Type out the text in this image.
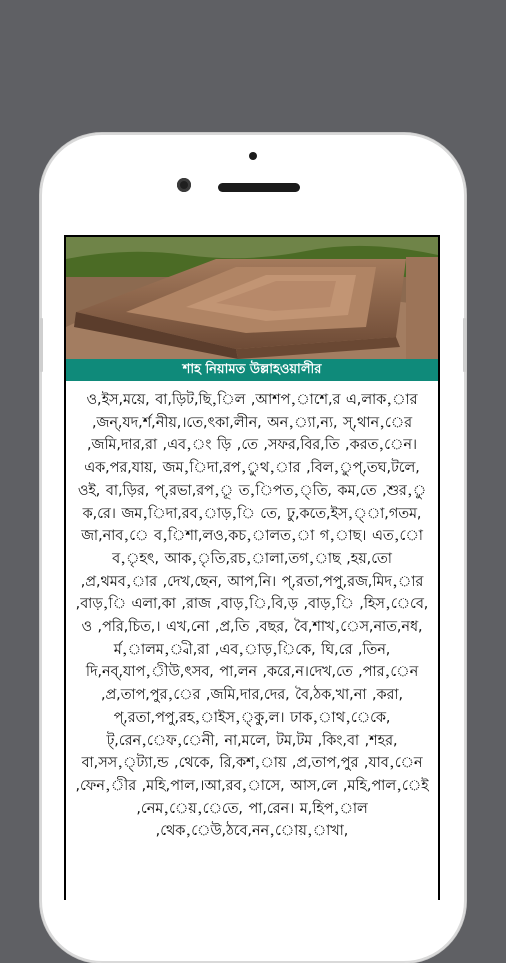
শাহ নিয়ামত উল্লাহওয়ালীর

ও,ইস,ময়ে, বা,ড়িট,ছি,িল ,আশপ,াশে,র এ,লাক,ার ,জন্,যদ,র্শ,নীয়,।তে,ৎকা,লীন, অন,্যা,ন্য, স্,থান,ের ,জমি,দার,রা ,এব,ং ড়ি ,তে ,সফর,বির,তি ,করত,েন।এক,পর,যায়, জম,িদা,রপ,ুথ,ার ,বিল,ুপ্,তঘ,টলে, ওই, বা,ড়ির, প্,রভা,রপ,ূ ত,িপত,্তি, কম,তে ,শুর,ু ক,রে। জম,িদা,রব,াড়,ি তে, ঢু,কতে,ইস,্া,গতম, জা,নাব,ে ব,িশা,লও,কচ,ালত,া গ,াছ। এত,ো ব,ৃহৎ, আক,ৃতি,রচ,ালা,তগ,াছ ,হয়,তো ,প্র,থমব,ার ,দেখ,ছেন, আপ,নি। প্,রতা,পপু,রজ,মিদ,ার ,বাড়,ি এলা,কা ,রাজ ,বাড়,ি,বি,ড় ,বাড়,ি ,হিস,েবে, ও ,পরি,চিত,। এখ,নো ,প্র,তি ,বছর, বৈ,শাখ,েস,নাত,নধ, র্ম,ালম,্বী,রা ,এব,াড়,িকে, ঘি,রে ,তিন, দি,নব্,যাপ,ীউ,ৎসব, পা,লন ,করে,ন।দেখ,তে ,পার,েন ,প্র,তাপ,পুর,ের ,জমি,দার,দের, বৈ,ঠক,খা,না ,করা, প্,রতা,পপু,রহ,াইস,্কু,ল। ঢাক,াথ,েকে, ট্,রেন,েফ,েনী, না,মলে, টম,টম ,কিং,বা ,শহর, বা,সস,্ট্যা,ন্ড ,থেকে, রি,কশ,ায় ,প্র,তাপ,পুর ,যাব,েন ,ফেন,ীর ,মহি,পাল,।আ,রব,াসে, আস,লে ,মহি,পাল,েই ,নেম,েয়,েতে, পা,রেন। ম,হিপ,াল ,থেক,েউ,ঠবে,নন,োয়,াখা,
